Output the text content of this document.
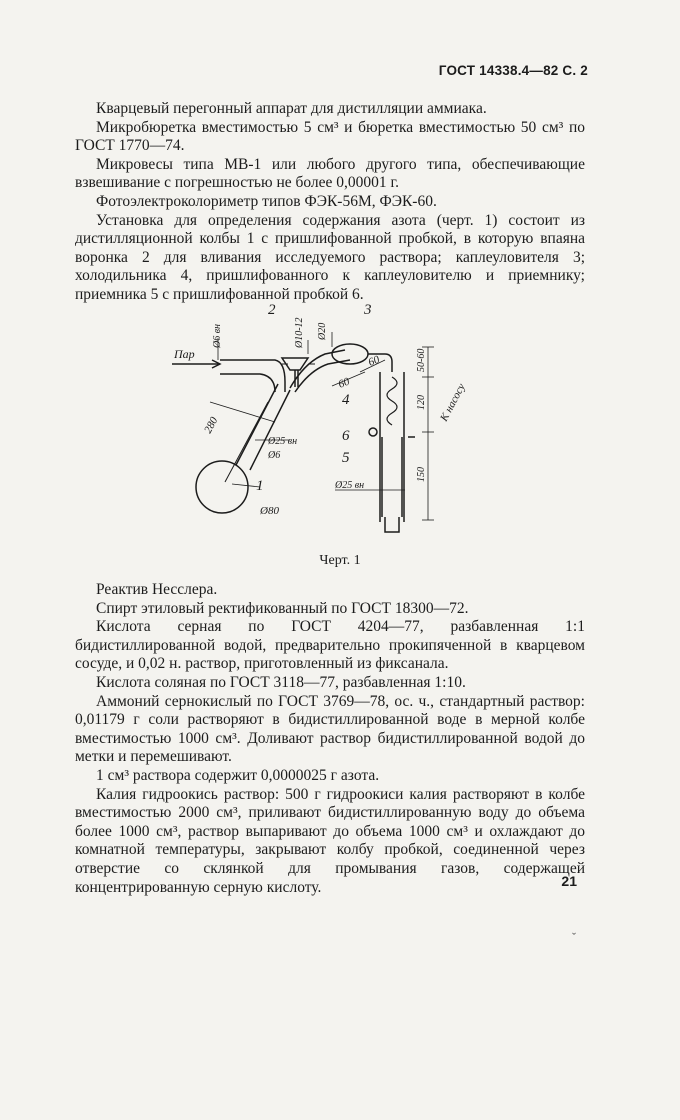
ГОСТ 14338.4—82 С. 2

Кварцевый перегонный аппарат для дистилляции аммиака.

Микробюретка вместимостью 5 см³ и бюретка вместимостью 50 см³ по ГОСТ 1770—74.

Микровесы типа МВ-1 или любого другого типа, обеспечивающие взвешивание с погрешностью не более 0,00001 г.

Фотоэлектроколориметр типов ФЭК-56М, ФЭК-60.

Установка для определения содержания азота (черт. 1) состоит из дистилляционной колбы 1 с пришлифованной пробкой, в которую впаяна воронка 2 для вливания исследуемого раствора; каплеуловителя 3; холодильника 4, пришлифованного к каплеуловителю и приемнику; приемника 5 с пришлифованной пробкой 6.

Пар
Ø6 вн	Ø10-12 Ø20
2	3
280
Ø25 вн
Ø6
1
Ø80
60
60	50-60
120
150
К насосу
4
6
5
Ø25 вн
Черт. 1

Реактив Несслера.

Спирт этиловый ректификованный по ГОСТ 18300—72.

Кислота серная по ГОСТ 4204—77, разбавленная 1:1 бидистиллированной водой, предварительно прокипяченной в кварцевом сосуде, и 0,02 н. раствор, приготовленный из фиксанала.

Кислота соляная по ГОСТ 3118—77, разбавленная 1:10.

Аммоний сернокислый по ГОСТ 3769—78, ос. ч., стандартный раствор: 0,01179 г соли растворяют в бидистиллированной воде в мерной колбе вместимостью 1000 см³. Доливают раствор бидистиллированной водой до метки и перемешивают.

1 см³ раствора содержит 0,0000025 г азота.

Калия гидроокись раствор: 500 г гидроокиси калия растворяют в колбе вместимостью 2000 см³, приливают бидистиллированную воду до объема более 1000 см³, раствор выпаривают до объема 1000 см³ и охлаждают до комнатной температуры, закрывают колбу пробкой, соединенной через отверстие со склянкой для промывания газов, содержащей концентрированную серную кислоту.	21
ˇ
